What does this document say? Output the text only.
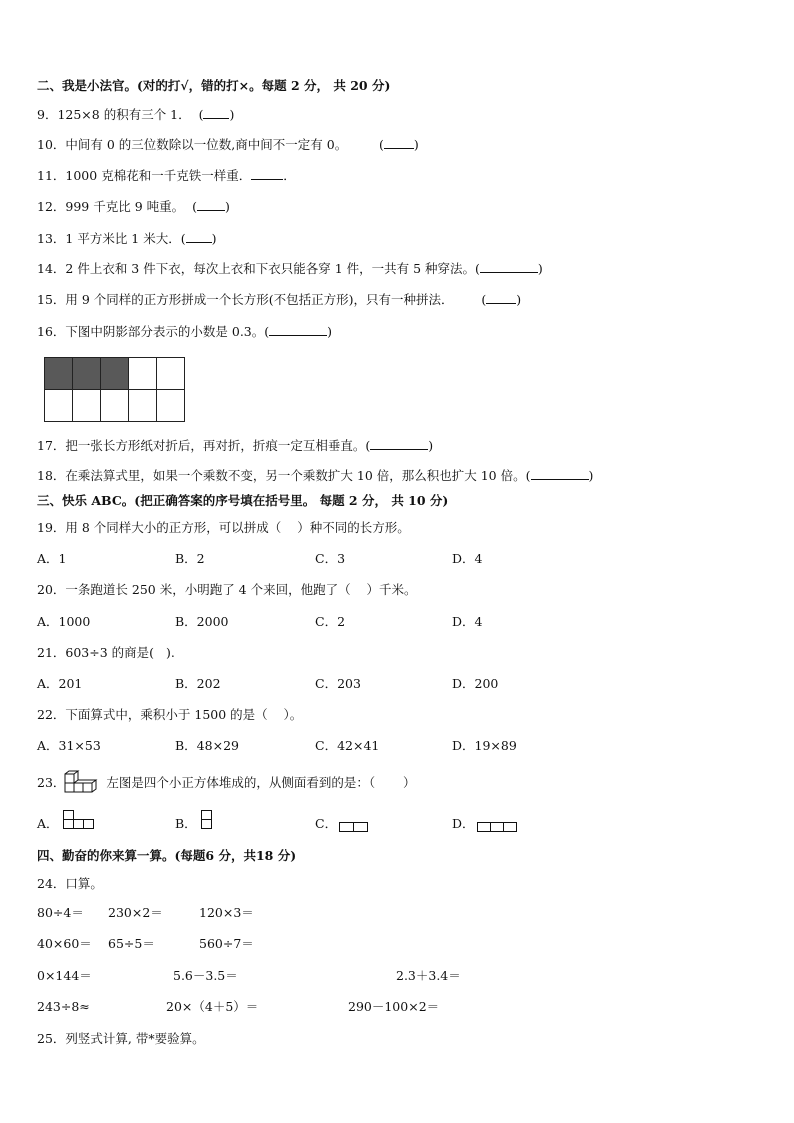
二、我是小法官。(对的打√，错的打×。每题 2 分， 共 20 分)
9．125×8 的积有三个 1．  ( )
10．中间有 0 的三位数除以一位数,商中间不一定有 0。        ( )
11．1000 克棉花和一千克铁一样重．	．
12．999 千克比 9 吨重。  ( )
13．1 平方米比 1 米大．( )
14．2 件上衣和 3 件下衣，每次上衣和下衣只能各穿 1 件，一共有 5 种穿法。(	)
15．用 9 个同样的正方形拼成一个长方形(不包括正方形)，只有一种拼法．       ( )
16．下图中阴影部分表示的小数是 0.3。(	)

17．把一张长方形纸对折后，再对折，折痕一定互相垂直。(	)
18．在乘法算式里，如果一个乘数不变，另一个乘数扩大 10 倍，那么积也扩大 10 倍。(	)
三、快乐 ABC。(把正确答案的序号填在括号里。 每题 2 分， 共 10 分)
19．用 8 个同样大小的正方形，可以拼成（    ）种不同的长方形。
A．1	B．2	C．3	D．4
20．一条跑道长 250 米，小明跑了 4 个来回，他跑了（    ）千米。
A．1000	B．2000	C．2	D．4
21．603÷3 的商是(   ).
A．201	B．202	C．203	D．200
22．下面算式中，乘积小于 1500 的是（    ）。
A．31×53	B．48×29	C．42×41	D．19×89
23．	左图是四个小正方体堆成的，从侧面看到的是：（       ）
A．	B．	C．	D．
四、勤奋的你来算一算。(每题6 分，共18 分)
24．口算。
80÷4＝ 230×2＝	120×3＝
40×60＝ 65÷5＝	560÷7＝
0×144＝	5.6－3.5＝	2.3＋3.4＝
243÷8≈	20×（4＋5）＝	290－100×2＝
25．列竖式计算, 带*要验算。
